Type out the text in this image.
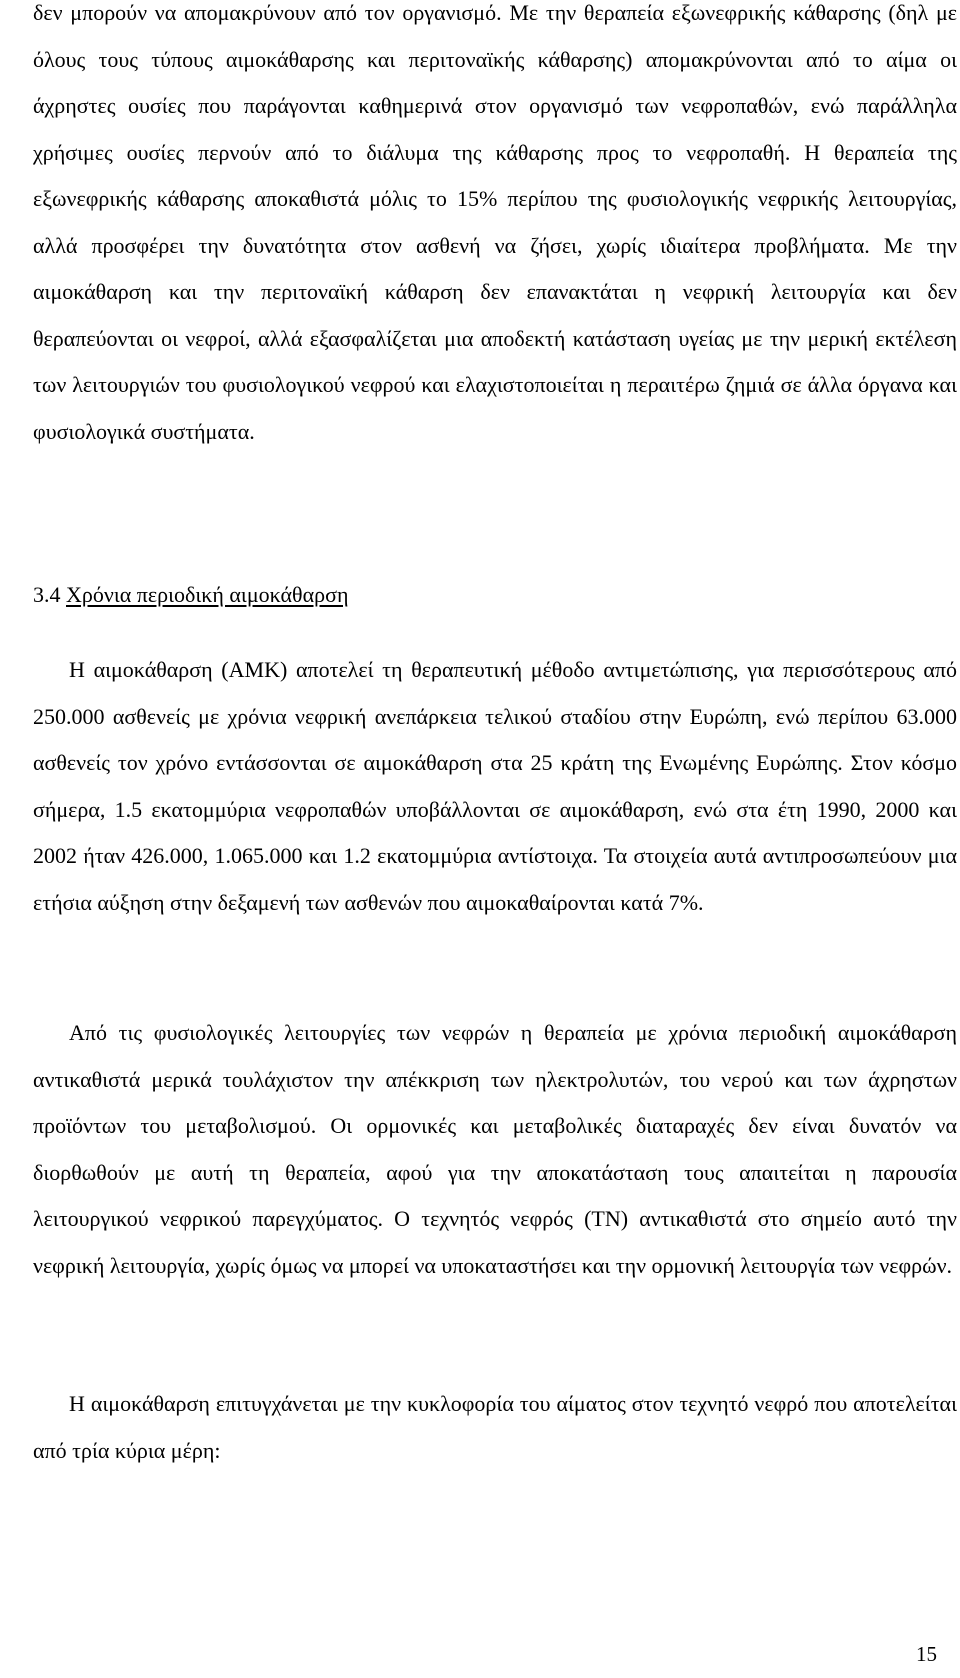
δεν μπορούν να απομακρύνουν από τον οργανισμό. Με την θεραπεία εξωνεφρικής κάθαρσης (δηλ με όλους τους τύπους αιμοκάθαρσης και περιτοναϊκής κάθαρσης) απομακρύνονται από το αίμα οι άχρηστες ουσίες που παράγονται καθημερινά στον οργανισμό των νεφροπαθών, ενώ παράλληλα χρήσιμες ουσίες περνούν από το διάλυμα της κάθαρσης προς το νεφροπαθή. Η θεραπεία της εξωνεφρικής κάθαρσης αποκαθιστά μόλις το 15% περίπου της φυσιολογικής νεφρικής λειτουργίας, αλλά προσφέρει την δυνατότητα στον ασθενή να ζήσει, χωρίς ιδιαίτερα προβλήματα. Με την αιμοκάθαρση και την περιτοναϊκή κάθαρση δεν επανακτάται η νεφρική λειτουργία και δεν θεραπεύονται οι νεφροί, αλλά εξασφαλίζεται μια αποδεκτή κατάσταση υγείας με την μερική εκτέλεση των λειτουργιών του φυσιολογικού νεφρού και ελαχιστοποιείται η περαιτέρω ζημιά σε άλλα όργανα και φυσιολογικά συστήματα.

3.4 Χρόνια περιοδική αιμοκάθαρση

Η αιμοκάθαρση (ΑΜΚ) αποτελεί τη θεραπευτική μέθοδο αντιμετώπισης, για περισσότερους από 250.000 ασθενείς με χρόνια νεφρική ανεπάρκεια τελικού σταδίου στην Ευρώπη, ενώ περίπου 63.000 ασθενείς τον χρόνο εντάσσονται σε αιμοκάθαρση στα 25 κράτη της Ενωμένης Ευρώπης. Στον κόσμο σήμερα, 1.5 εκατομμύρια νεφροπαθών υποβάλλονται σε αιμοκάθαρση, ενώ στα έτη 1990, 2000 και 2002 ήταν 426.000, 1.065.000 και 1.2 εκατομμύρια αντίστοιχα. Τα στοιχεία αυτά αντιπροσωπεύουν μια ετήσια αύξηση στην δεξαμενή των ασθενών που αιμοκαθαίρονται κατά 7%.

Από τις φυσιολογικές λειτουργίες των νεφρών η θεραπεία με χρόνια περιοδική αιμοκάθαρση αντικαθιστά μερικά τουλάχιστον την απέκκριση των ηλεκτρολυτών, του νερού και των άχρηστων προϊόντων του μεταβολισμού. Οι ορμονικές και μεταβολικές διαταραχές δεν είναι δυνατόν να διορθωθούν με αυτή τη θεραπεία, αφού για την αποκατάσταση τους απαιτείται η παρουσία λειτουργικού νεφρικού παρεγχύματος. Ο τεχνητός νεφρός (ΤΝ) αντικαθιστά στο σημείο αυτό την νεφρική λειτουργία, χωρίς όμως να μπορεί να υποκαταστήσει και την ορμονική λειτουργία των νεφρών.

Η αιμοκάθαρση επιτυγχάνεται με την κυκλοφορία του αίματος στον τεχνητό νεφρό που αποτελείται από τρία κύρια μέρη:

15
